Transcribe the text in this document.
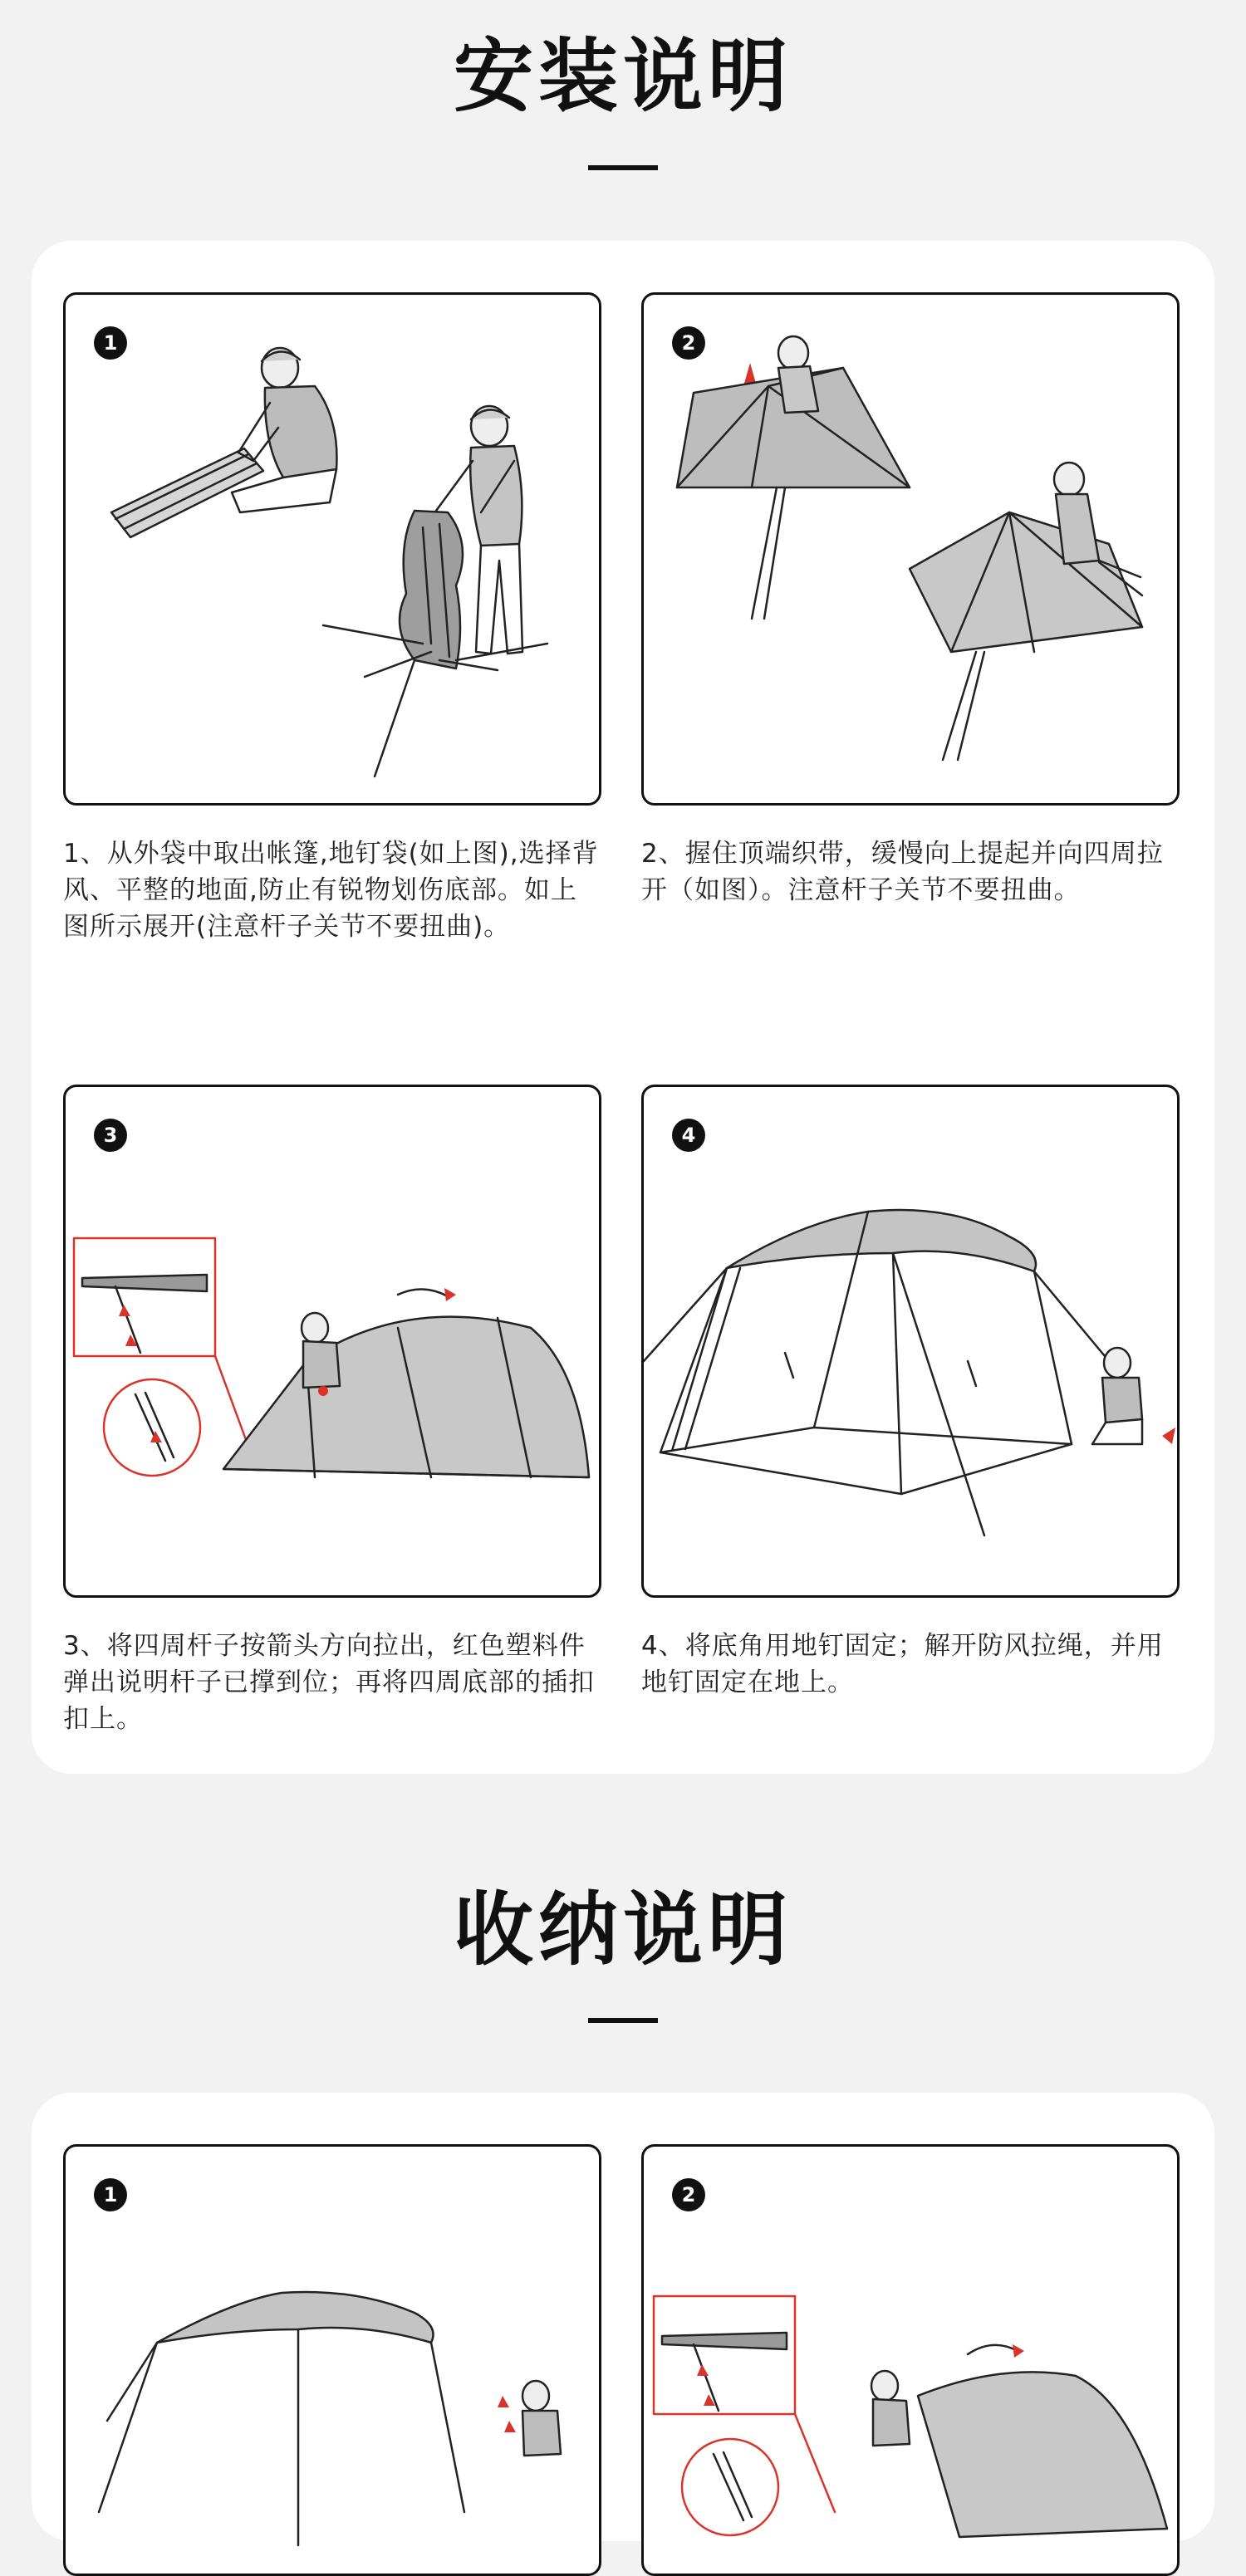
安装说明
1

1、从外袋中取出帐篷,地钉袋(如上图),选择背风、平整的地面,防止有锐物划伤底部。如上图所示展开(注意杆子关节不要扭曲)。

2

2、握住顶端织带，缓慢向上提起并向四周拉开（如图）。注意杆子关节不要扭曲。

3

3、将四周杆子按箭头方向拉出，红色塑料件弹出说明杆子已撑到位；再将四周底部的插扣扣上。

4

4、将底角用地钉固定；解开防风拉绳，并用地钉固定在地上。

收纳说明
1	2
